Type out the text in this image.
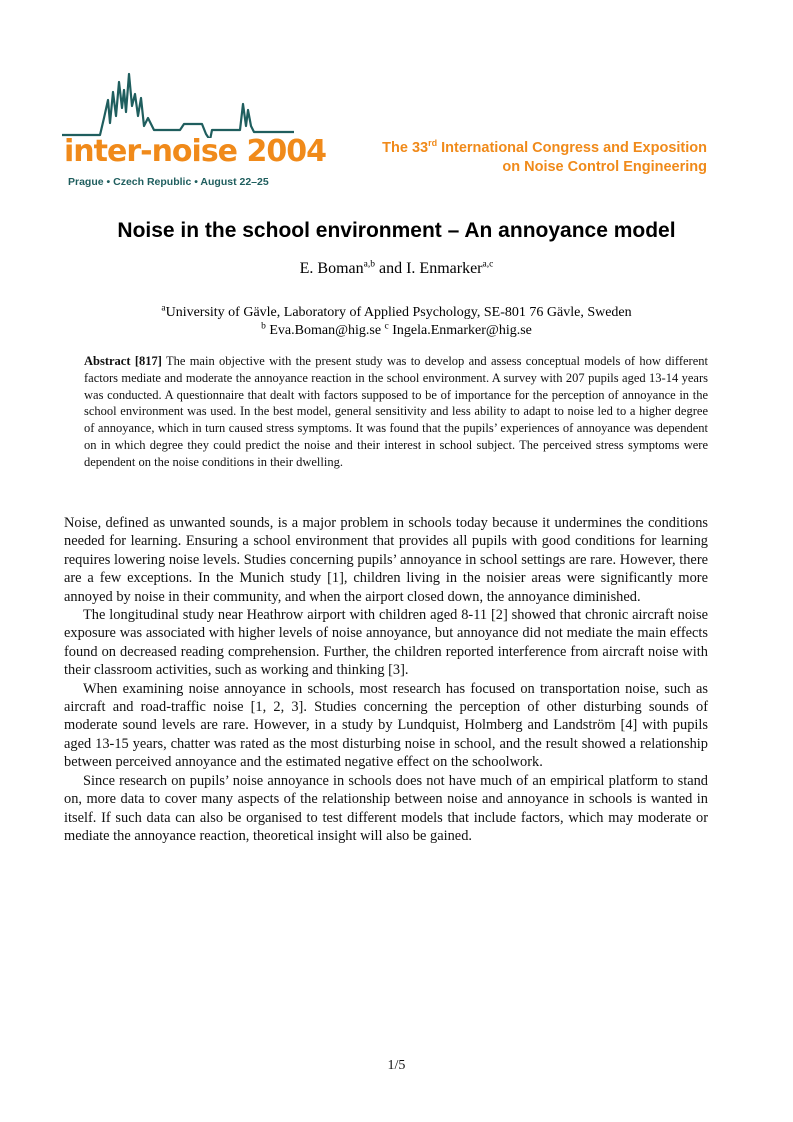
inter-noise 2004
Prague • Czech Republic • August 22–25
The 33rd International Congress and Exposition
on Noise Control Engineering
Noise in the school environment – An annoyance model
E. Boman$^{a,b}$ and I. Enmarker$^{a,c}$
$^a$University of Gävle, Laboratory of Applied Psychology, SE-801 76 Gävle, Sweden
$^b$ Eva.Boman@hig.se $^c$ Ingela.Enmarker@hig.se

Abstract [817] The main objective with the present study was to develop and assess conceptual models of how different factors mediate and moderate the annoyance reaction in the school environment. A survey with 207 pupils aged 13-14 years was conducted. A questionnaire that dealt with factors supposed to be of importance for the perception of annoyance in the school environment was used. In the best model, general sensitivity and less ability to adapt to noise led to a higher degree of annoyance, which in turn caused stress symptoms. It was found that the pupils’ experiences of annoyance was dependent on in which degree they could predict the noise and their interest in school subject. The perceived stress symptoms were dependent on the noise conditions in their dwelling.

Noise, defined as unwanted sounds, is a major problem in schools today because it undermines the conditions needed for learning. Ensuring a school environment that provides all pupils with good conditions for learning requires lowering noise levels. Studies concerning pupils’ annoyance in school settings are rare. However, there are a few exceptions. In the Munich study [1], children living in the noisier areas were significantly more annoyed by noise in their community, and when the airport closed down, the annoyance diminished.

The longitudinal study near Heathrow airport with children aged 8-11 [2] showed that chronic aircraft noise exposure was associated with higher levels of noise annoyance, but annoyance did not mediate the main effects found on decreased reading comprehension. Further, the children reported interference from aircraft noise with their classroom activities, such as working and thinking [3].

When examining noise annoyance in schools, most research has focused on transportation noise, such as aircraft and road-traffic noise [1, 2, 3]. Studies concerning the perception of other disturbing sounds of moderate sound levels are rare. However, in a study by Lundquist, Holmberg and Landström [4] with pupils aged 13-15 years, chatter was rated as the most disturbing noise in school, and the result showed a relationship between perceived annoyance and the estimated negative effect on the schoolwork.

Since research on pupils’ noise annoyance in schools does not have much of an empirical platform to stand on, more data to cover many aspects of the relationship between noise and annoyance in schools is wanted in itself. If such data can also be organised to test different models that include factors, which may moderate or mediate the annoyance reaction, theoretical insight will also be gained.

1/5
